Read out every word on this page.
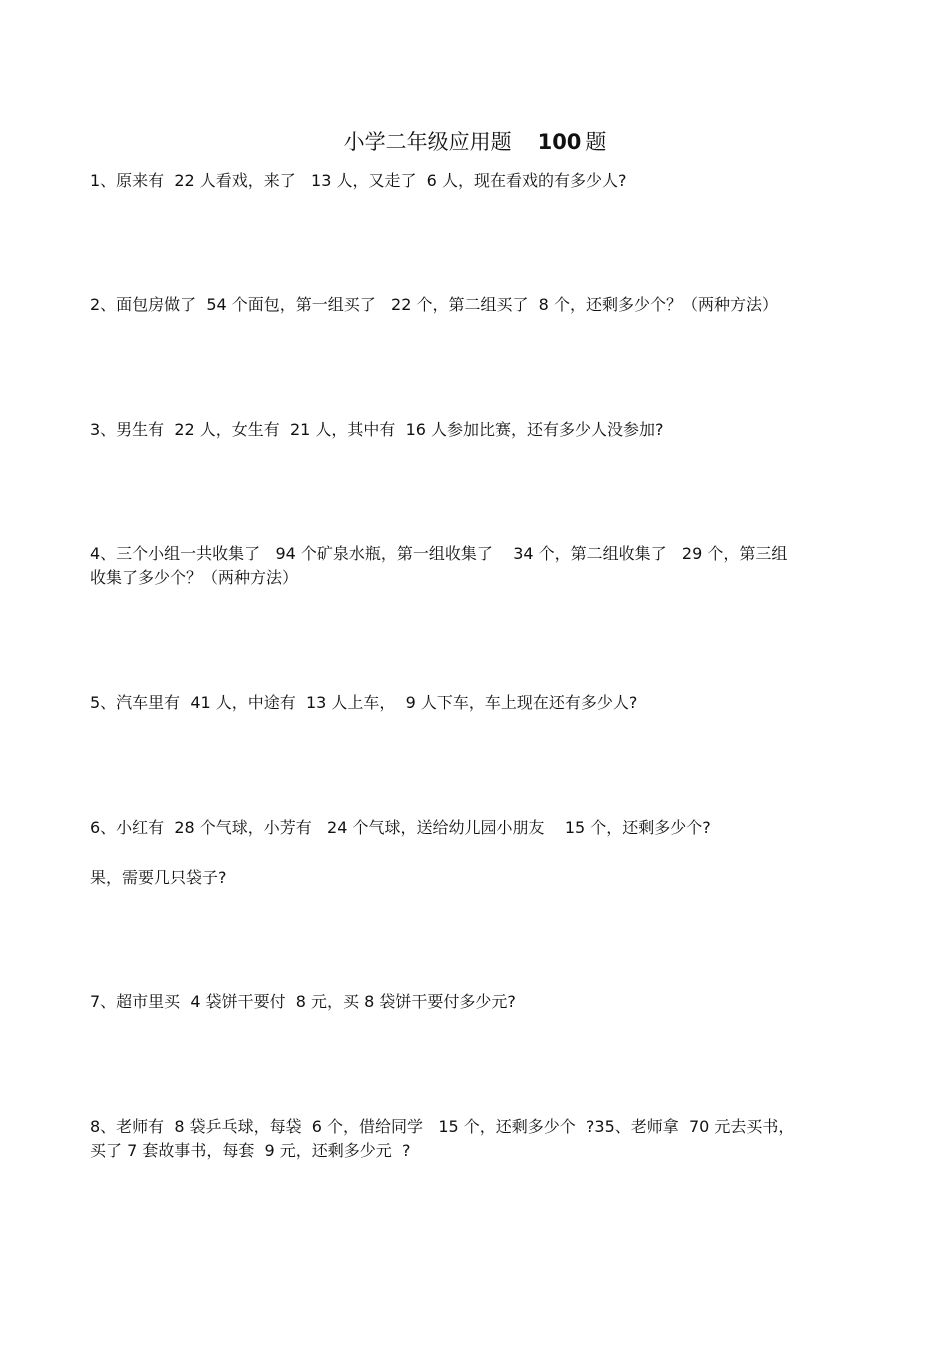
小学二年级应用题 100 题
1、原来有  22 人看戏，来了   13 人，又走了  6 人，现在看戏的有多少人?
2、面包房做了  54 个面包，第一组买了   22 个，第二组买了  8 个，还剩多少个？（两种方法）
3、男生有  22 人，女生有  21 人，其中有  16 人参加比赛，还有多少人没参加?
4、三个小组一共收集了   94 个矿泉水瓶，第一组收集了    34 个，第二组收集了   29 个，第三组
收集了多少个？（两种方法）
5、汽车里有  41 人，中途有  13 人上车，  9 人下车，车上现在还有多少人?
6、小红有  28 个气球，小芳有   24 个气球，送给幼儿园小朋友    15 个，还剩多少个?
果，需要几只袋子?
7、超市里买  4 袋饼干要付  8 元，买 8 袋饼干要付多少元?
8、老师有  8 袋乒乓球，每袋  6 个，借给同学   15 个，还剩多少个  ?35、老师拿  70 元去买书，
买了 7 套故事书，每套  9 元，还剩多少元  ?
